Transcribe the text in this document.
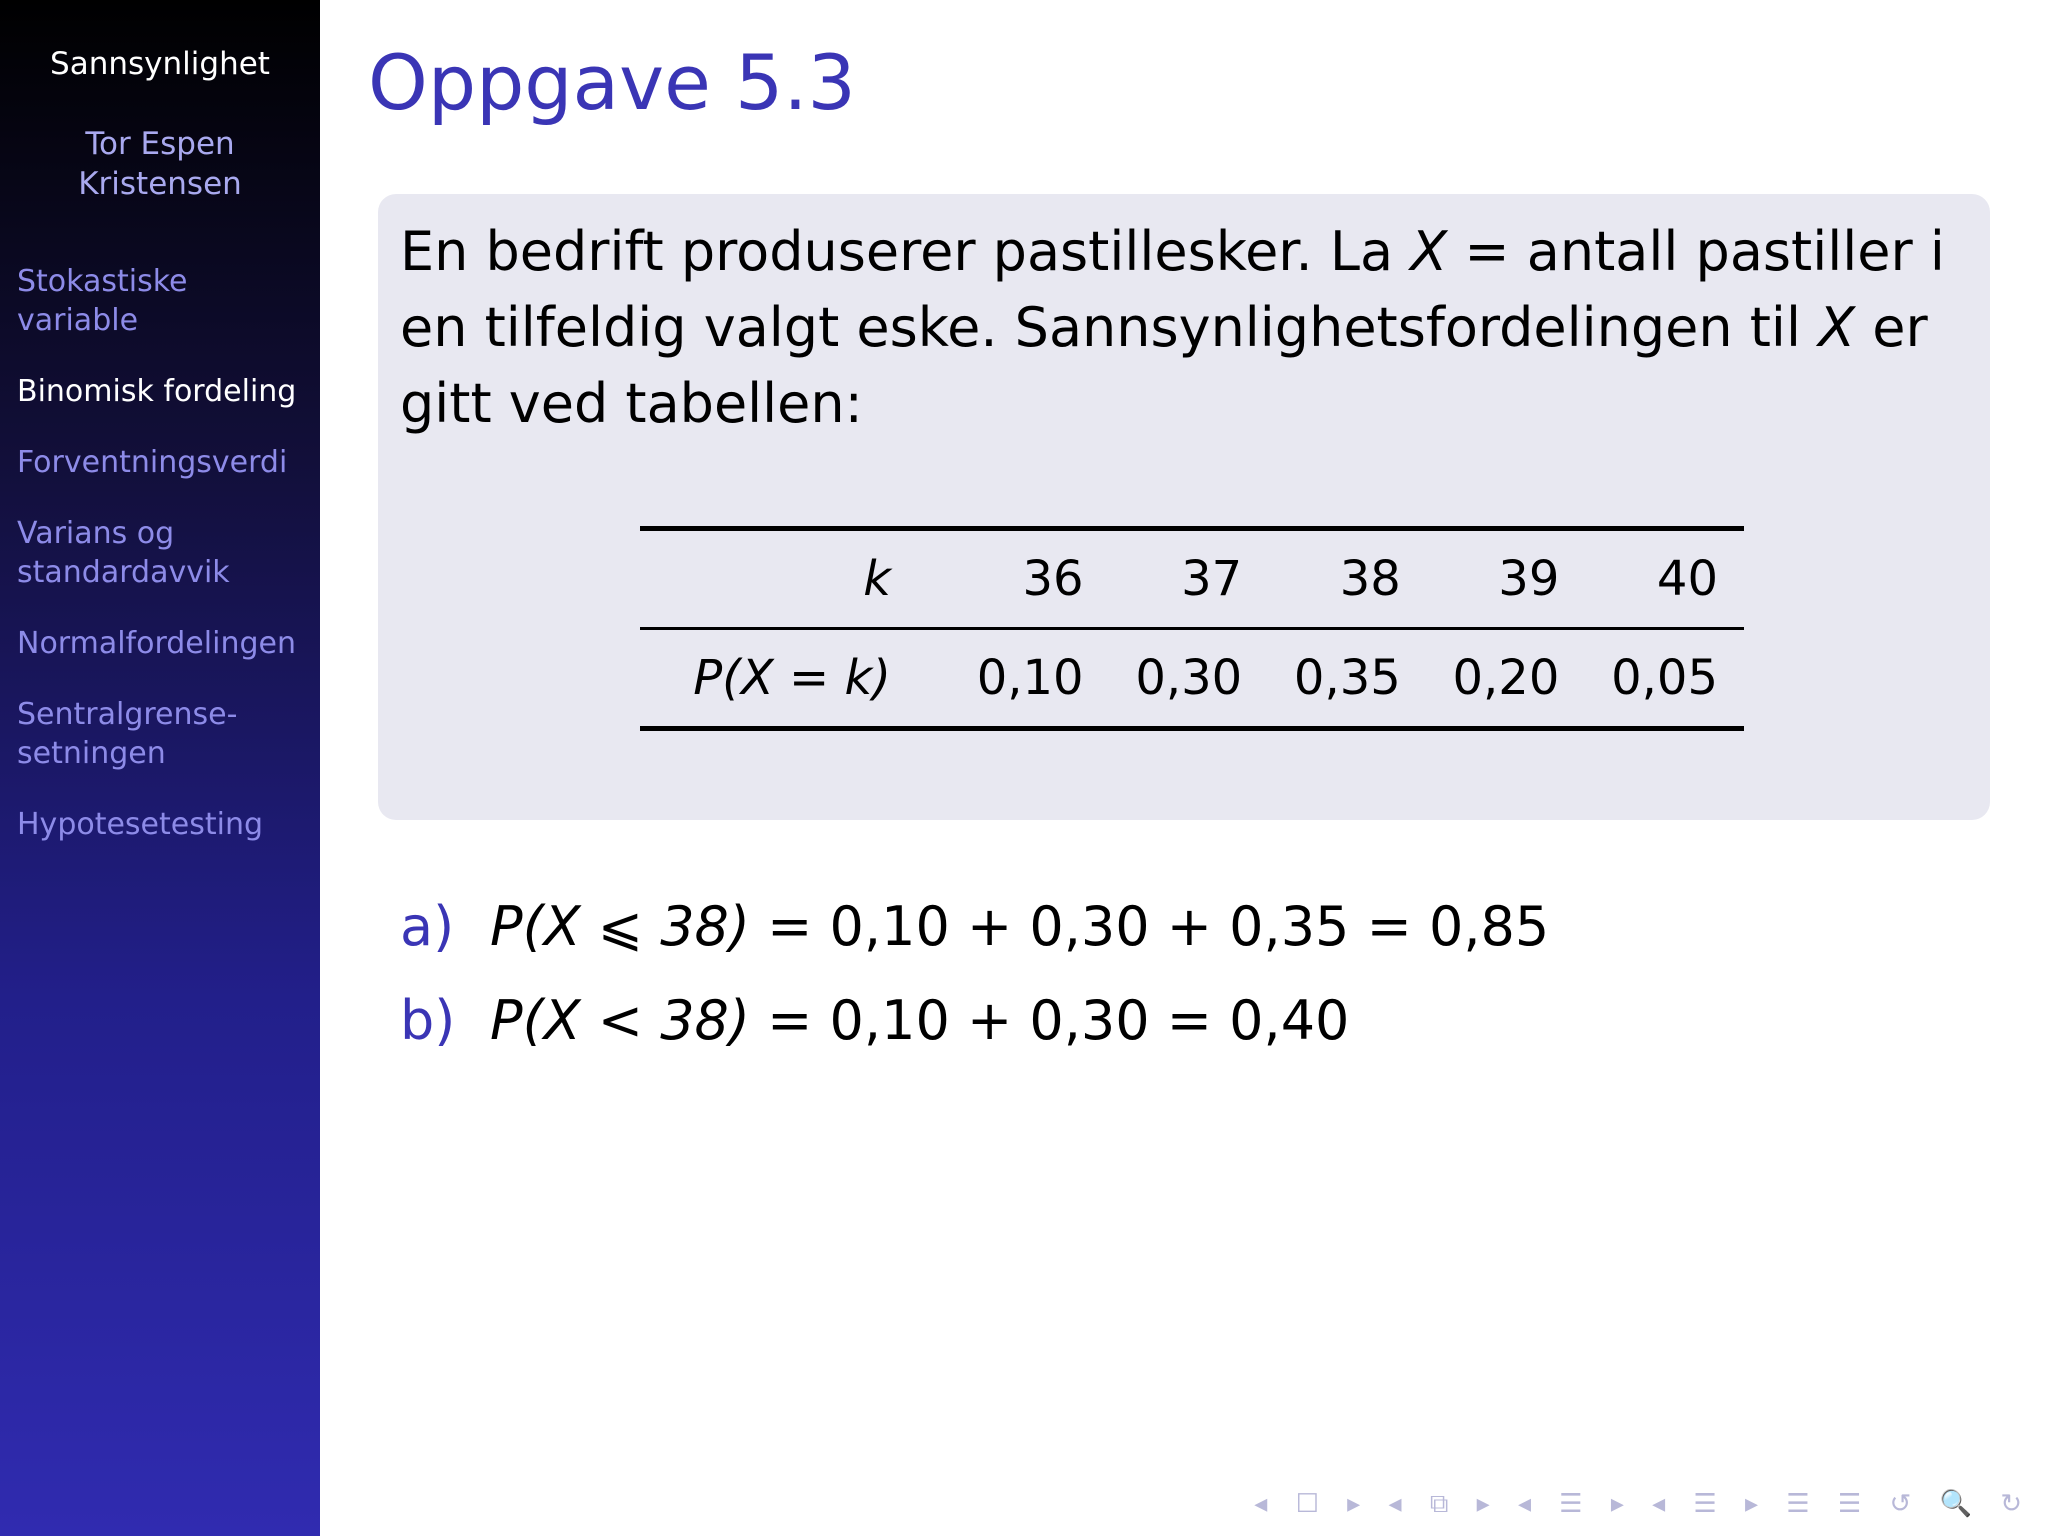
Sannsynlighet
Tor Espen Kristensen
Stokastiske variable
Binomisk fordeling
Forventningsverdi
Varians og standardavvik
Normalfordelingen
Sentralgrense-setningen
Hypotesetesting
Oppgave 5.3

En bedrift produserer pastillesker. La X = antall pastiller i en tilfeldig valgt eske. Sannsynlighetsfordelingen til X er gitt ved tabellen:

k	36	37	38	39	40
P(X = k)	0,10	0,30	0,35	0,20	0,05
a) P(X ⩽ 38) = 0,10 + 0,30 + 0,35 = 0,85
b) P(X < 38) = 0,10 + 0,30 = 0,40
◂ ☐ ▸ ◂ ⧉ ▸ ◂ ☰ ▸ ◂ ☰ ▸ ☰ ☰ ↺ 🔍 ↻
